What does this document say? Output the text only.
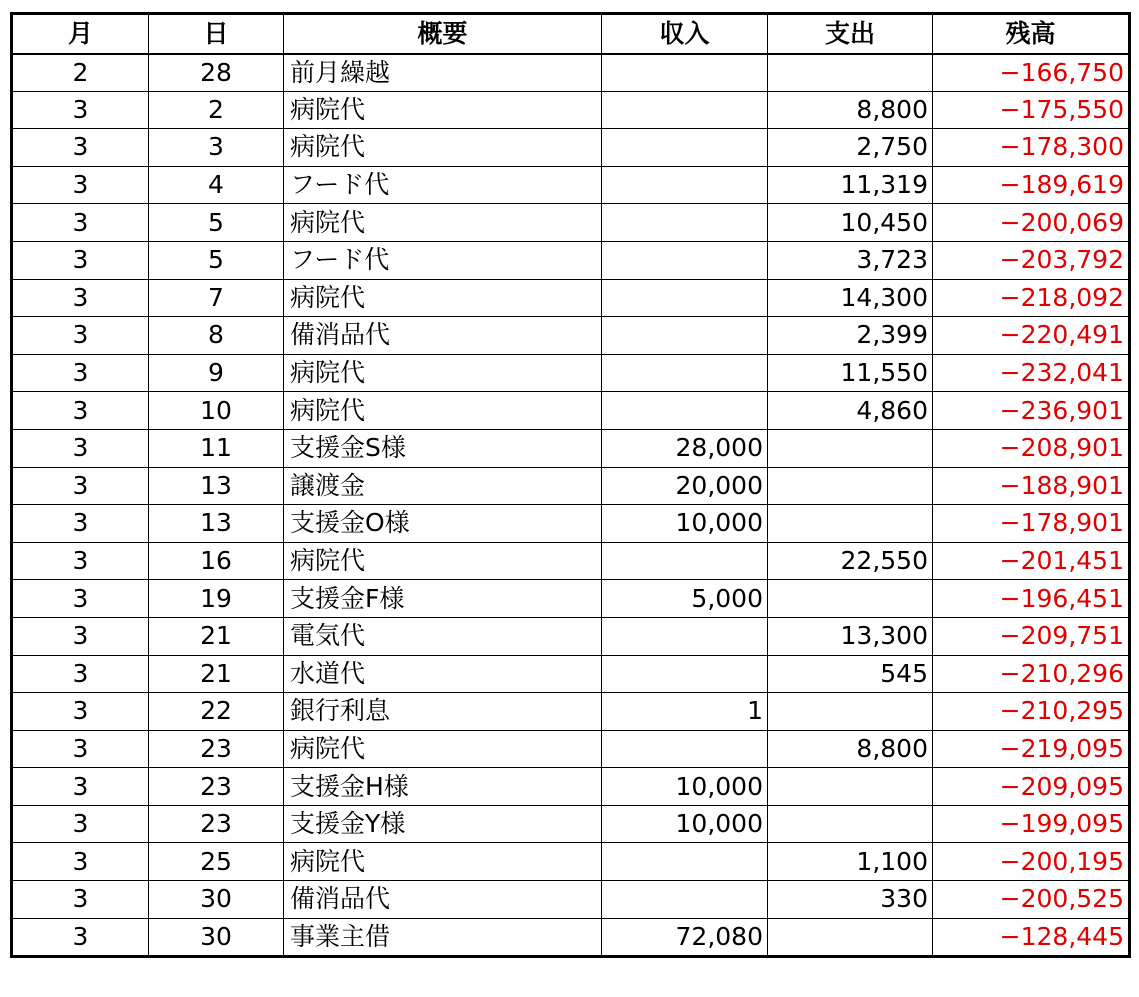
月	日	概要	収入	支出	残高
2	28	前月繰越			−166,750
3	2	病院代		8,800	−175,550
3	3	病院代		2,750	−178,300
3	4	フード代		11,319	−189,619
3	5	病院代		10,450	−200,069
3	5	フード代		3,723	−203,792
3	7	病院代		14,300	−218,092
3	8	備消品代		2,399	−220,491
3	9	病院代		11,550	−232,041
3	10	病院代		4,860	−236,901
3	11	支援金S様	28,000		−208,901
3	13	譲渡金	20,000		−188,901
3	13	支援金O様	10,000		−178,901
3	16	病院代		22,550	−201,451
3	19	支援金F様	5,000		−196,451
3	21	電気代		13,300	−209,751
3	21	水道代		545	−210,296
3	22	銀行利息	1		−210,295
3	23	病院代		8,800	−219,095
3	23	支援金H様	10,000		−209,095
3	23	支援金Y様	10,000		−199,095
3	25	病院代		1,100	−200,195
3	30	備消品代		330	−200,525
3	30	事業主借	72,080		−128,445
